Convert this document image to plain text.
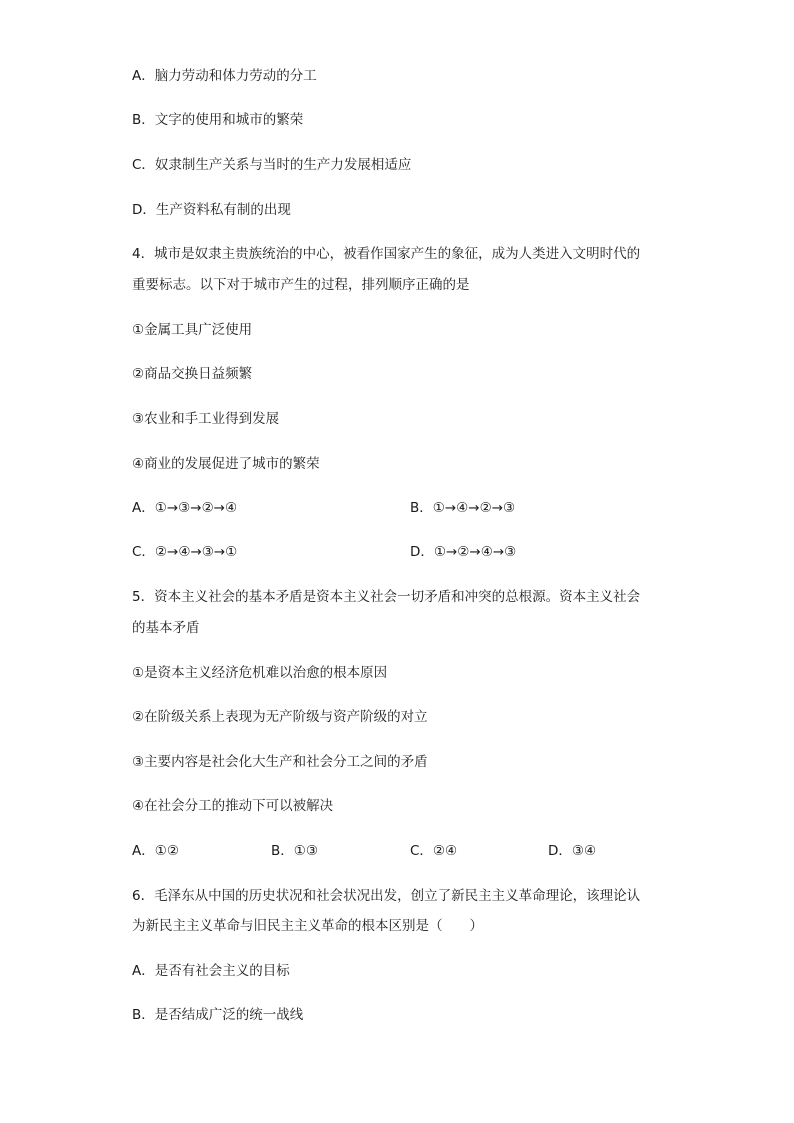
A．脑力劳动和体力劳动的分工
B．文字的使用和城市的繁荣
C．奴隶制生产关系与当时的生产力发展相适应
D．生产资料私有制的出现
4．城市是奴隶主贵族统治的中心，被看作国家产生的象征，成为人类进入文明时代的
重要标志。以下对于城市产生的过程，排列顺序正确的是
①金属工具广泛使用
②商品交换日益频繁
③农业和手工业得到发展
④商业的发展促进了城市的繁荣
A．①→③→②→④	B．①→④→②→③
C．②→④→③→①	D．①→②→④→③
5．资本主义社会的基本矛盾是资本主义社会一切矛盾和冲突的总根源。资本主义社会
的基本矛盾
①是资本主义经济危机难以治愈的根本原因
②在阶级关系上表现为无产阶级与资产阶级的对立
③主要内容是社会化大生产和社会分工之间的矛盾
④在社会分工的推动下可以被解决
A．①②	B．①③	C．②④	D．③④
6．毛泽东从中国的历史状况和社会状况出发，创立了新民主主义革命理论，该理论认
为新民主主义革命与旧民主主义革命的根本区别是（　　）
A．是否有社会主义的目标
B．是否结成广泛的统一战线
